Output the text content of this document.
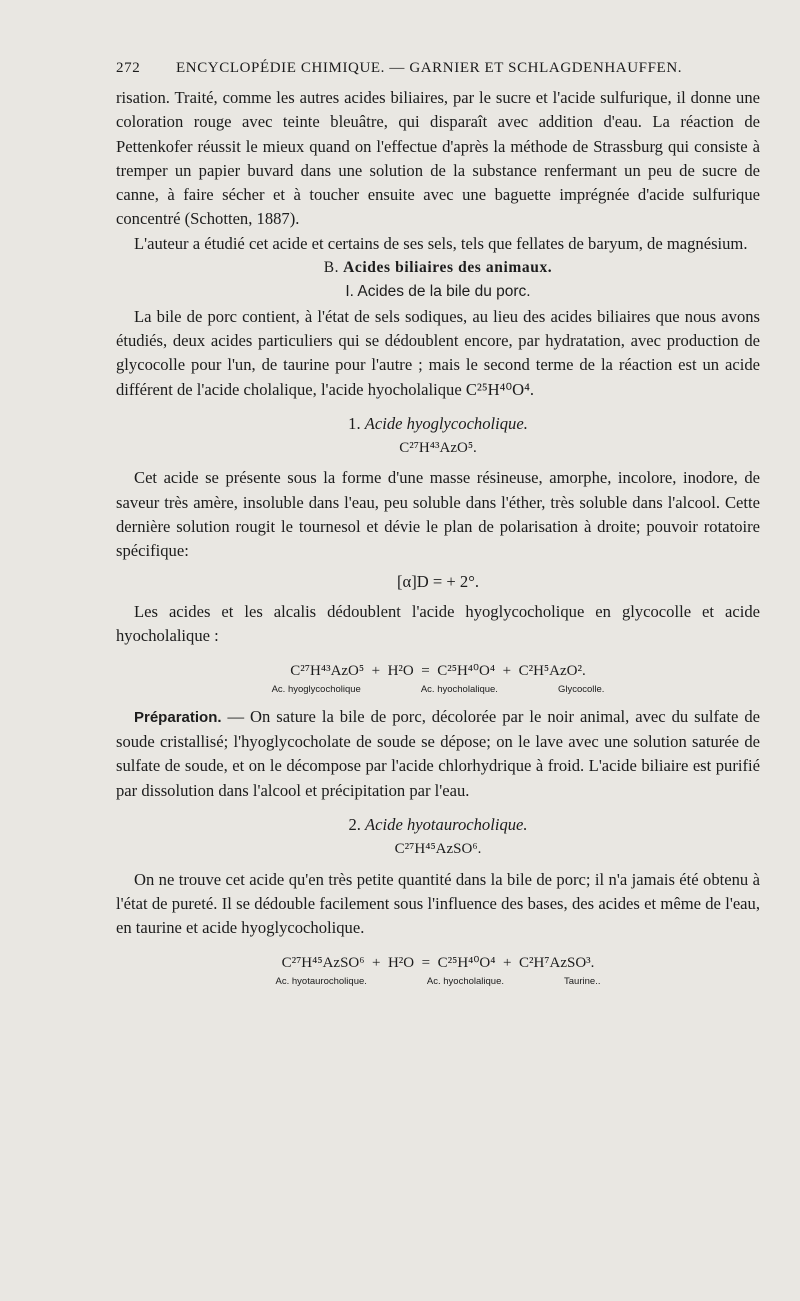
272 ENCYCLOPÉDIE CHIMIQUE. — GARNIER ET SCHLAGDENHAUFFEN.

risation. Traité, comme les autres acides biliaires, par le sucre et l'acide sulfurique, il donne une coloration rouge avec teinte bleuâtre, qui disparaît avec addition d'eau. La réaction de Pettenkofer réussit le mieux quand on l'effectue d'après la méthode de Strassburg qui consiste à tremper un papier buvard dans une solution de la substance renfermant un peu de sucre de canne, à faire sécher et à toucher ensuite avec une baguette imprégnée d'acide sulfurique concentré (Schotten, 1887).

L'auteur a étudié cet acide et certains de ses sels, tels que fellates de baryum, de magnésium.

B. Acides biliaires des animaux.

I. Acides de la bile du porc.

La bile de porc contient, à l'état de sels sodiques, au lieu des acides biliaires que nous avons étudiés, deux acides particuliers qui se dédoublent encore, par hydratation, avec production de glycocolle pour l'un, de taurine pour l'autre ; mais le second terme de la réaction est un acide différent de l'acide cholalique, l'acide hyocholalique C²⁵H⁴⁰O⁴.

1. Acide hyoglycocholique.

C²⁷H⁴³AzO⁵.

Cet acide se présente sous la forme d'une masse résineuse, amorphe, incolore, inodore, de saveur très amère, insoluble dans l'eau, peu soluble dans l'éther, très soluble dans l'alcool. Cette dernière solution rougit le tournesol et dévie le plan de polarisation à droite; pouvoir rotatoire spécifique:

[α]D = + 2°.

Les acides et les alcalis dédoublent l'acide hyoglycocholique en glycocolle et acide hyocholalique :

C²⁷H⁴³AzO⁵ + H²O = C²⁵H⁴⁰O⁴ + C²H⁵AzO².
Ac. hyoglycocholique	Ac. hyocholalique.	Glycocolle.

Préparation. — On sature la bile de porc, décolorée par le noir animal, avec du sulfate de soude cristallisé; l'hyoglycocholate de soude se dépose; on le lave avec une solution saturée de sulfate de soude, et on le décompose par l'acide chlorhydrique à froid. L'acide biliaire est purifié par dissolution dans l'alcool et précipitation par l'eau.

2. Acide hyotaurocholique.

C²⁷H⁴⁵AzSO⁶.

On ne trouve cet acide qu'en très petite quantité dans la bile de porc; il n'a jamais été obtenu à l'état de pureté. Il se dédouble facilement sous l'influence des bases, des acides et même de l'eau, en taurine et acide hyoglycocholique.

C²⁷H⁴⁵AzSO⁶ + H²O = C²⁵H⁴⁰O⁴ + C²H⁷AzSO³.
Ac. hyotaurocholique.	Ac. hyocholalique.	Taurine..
